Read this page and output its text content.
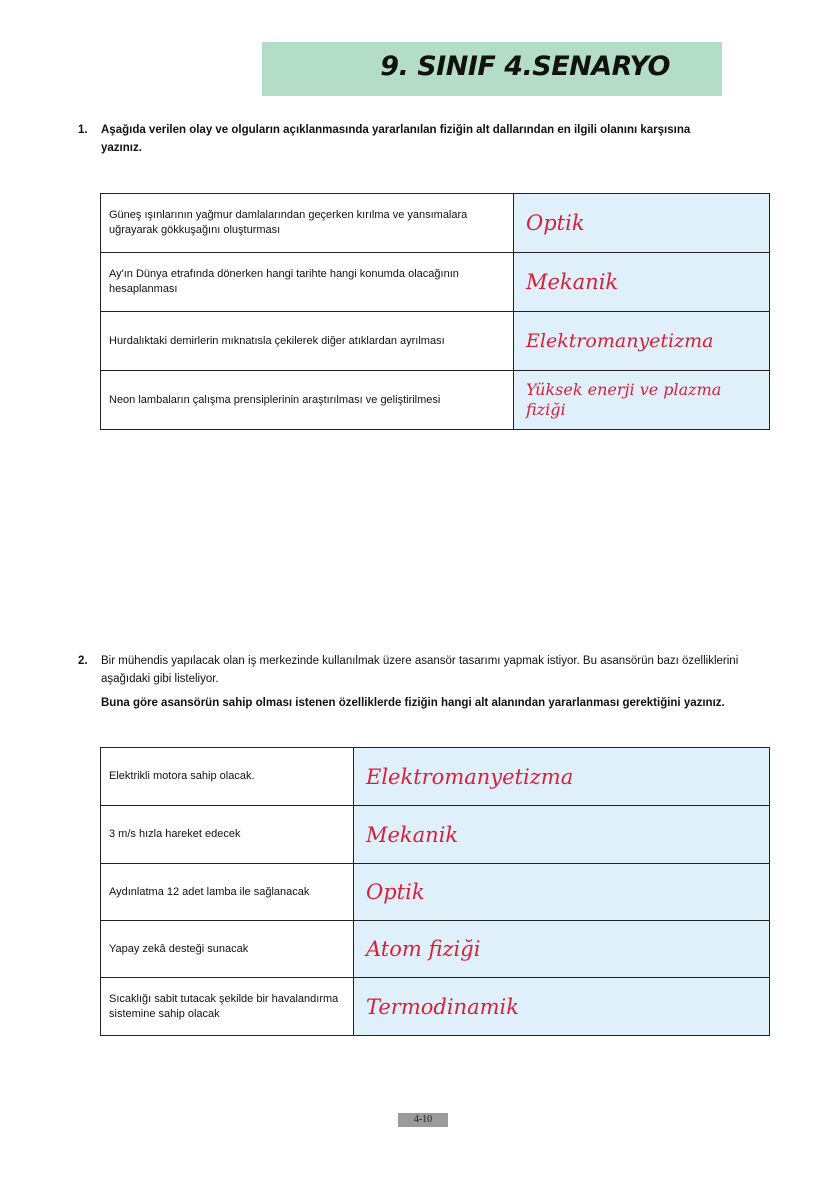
9. SINIF 4.SENARYO
1. Aşağıda verilen olay ve olguların açıklanmasında yararlanılan fiziğin alt dallarından en ilgili olanını karşısına yazınız.
Güneş ışınlarının yağmur damlalarından geçerken kırılma ve yansımalara uğrayarak gökkuşağını oluşturması	Optik
Ay'ın Dünya etrafında dönerken hangi tarihte hangi konumda olacağının hesaplanması	Mekanik
Hurdalıktaki demirlerin mıknatısla çekilerek diğer atıklardan ayrılması	Elektromanyetizma
Neon lambaların çalışma prensiplerinin araştırılması ve geliştirilmesi	Yüksek enerji ve plazma fiziği
2. Bir mühendis yapılacak olan iş merkezinde kullanılmak üzere asansör tasarımı yapmak istiyor. Bu asansörün bazı özelliklerini aşağıdaki gibi listeliyor.
Buna göre asansörün sahip olması istenen özelliklerde fiziğin hangi alt alanından yararlanması gerektiğini yazınız.
Elektrikli motora sahip olacak.	Elektromanyetizma
3 m/s hızla hareket edecek	Mekanik
Aydınlatma 12 adet lamba ile sağlanacak	Optik
Yapay zekâ desteği sunacak	Atom fiziği
Sıcaklığı sabit tutacak şekilde bir havalandırma sistemine sahip olacak	Termodinamik
4-10
